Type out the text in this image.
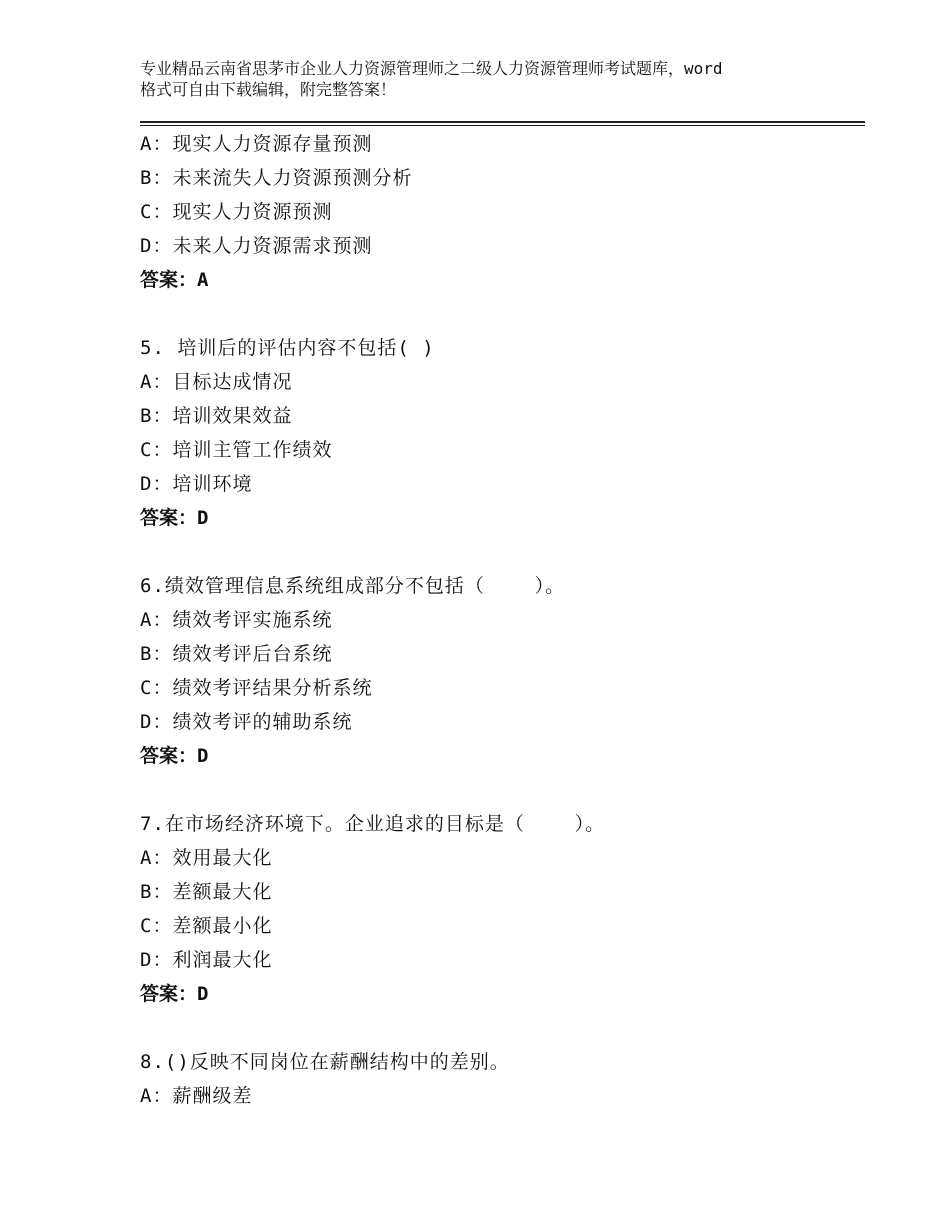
专业精品云南省思茅市企业人力资源管理师之二级人力资源管理师考试题库，word
格式可自由下载编辑，附完整答案！
A：现实人力资源存量预测
B：未来流失人力资源预测分析
C：现实人力资源预测
D：未来人力资源需求预测
答案：A
5. 培训后的评估内容不包括( )
A：目标达成情况
B：培训效果效益
C：培训主管工作绩效
D：培训环境
答案：D
6.绩效管理信息系统组成部分不包括（    ）。
A：绩效考评实施系统
B：绩效考评后台系统
C：绩效考评结果分析系统
D：绩效考评的辅助系统
答案：D
7.在市场经济环境下。企业追求的目标是（    ）。
A：效用最大化
B：差额最大化
C：差额最小化
D：利润最大化
答案：D
8.()反映不同岗位在薪酬结构中的差别。
A：薪酬级差
